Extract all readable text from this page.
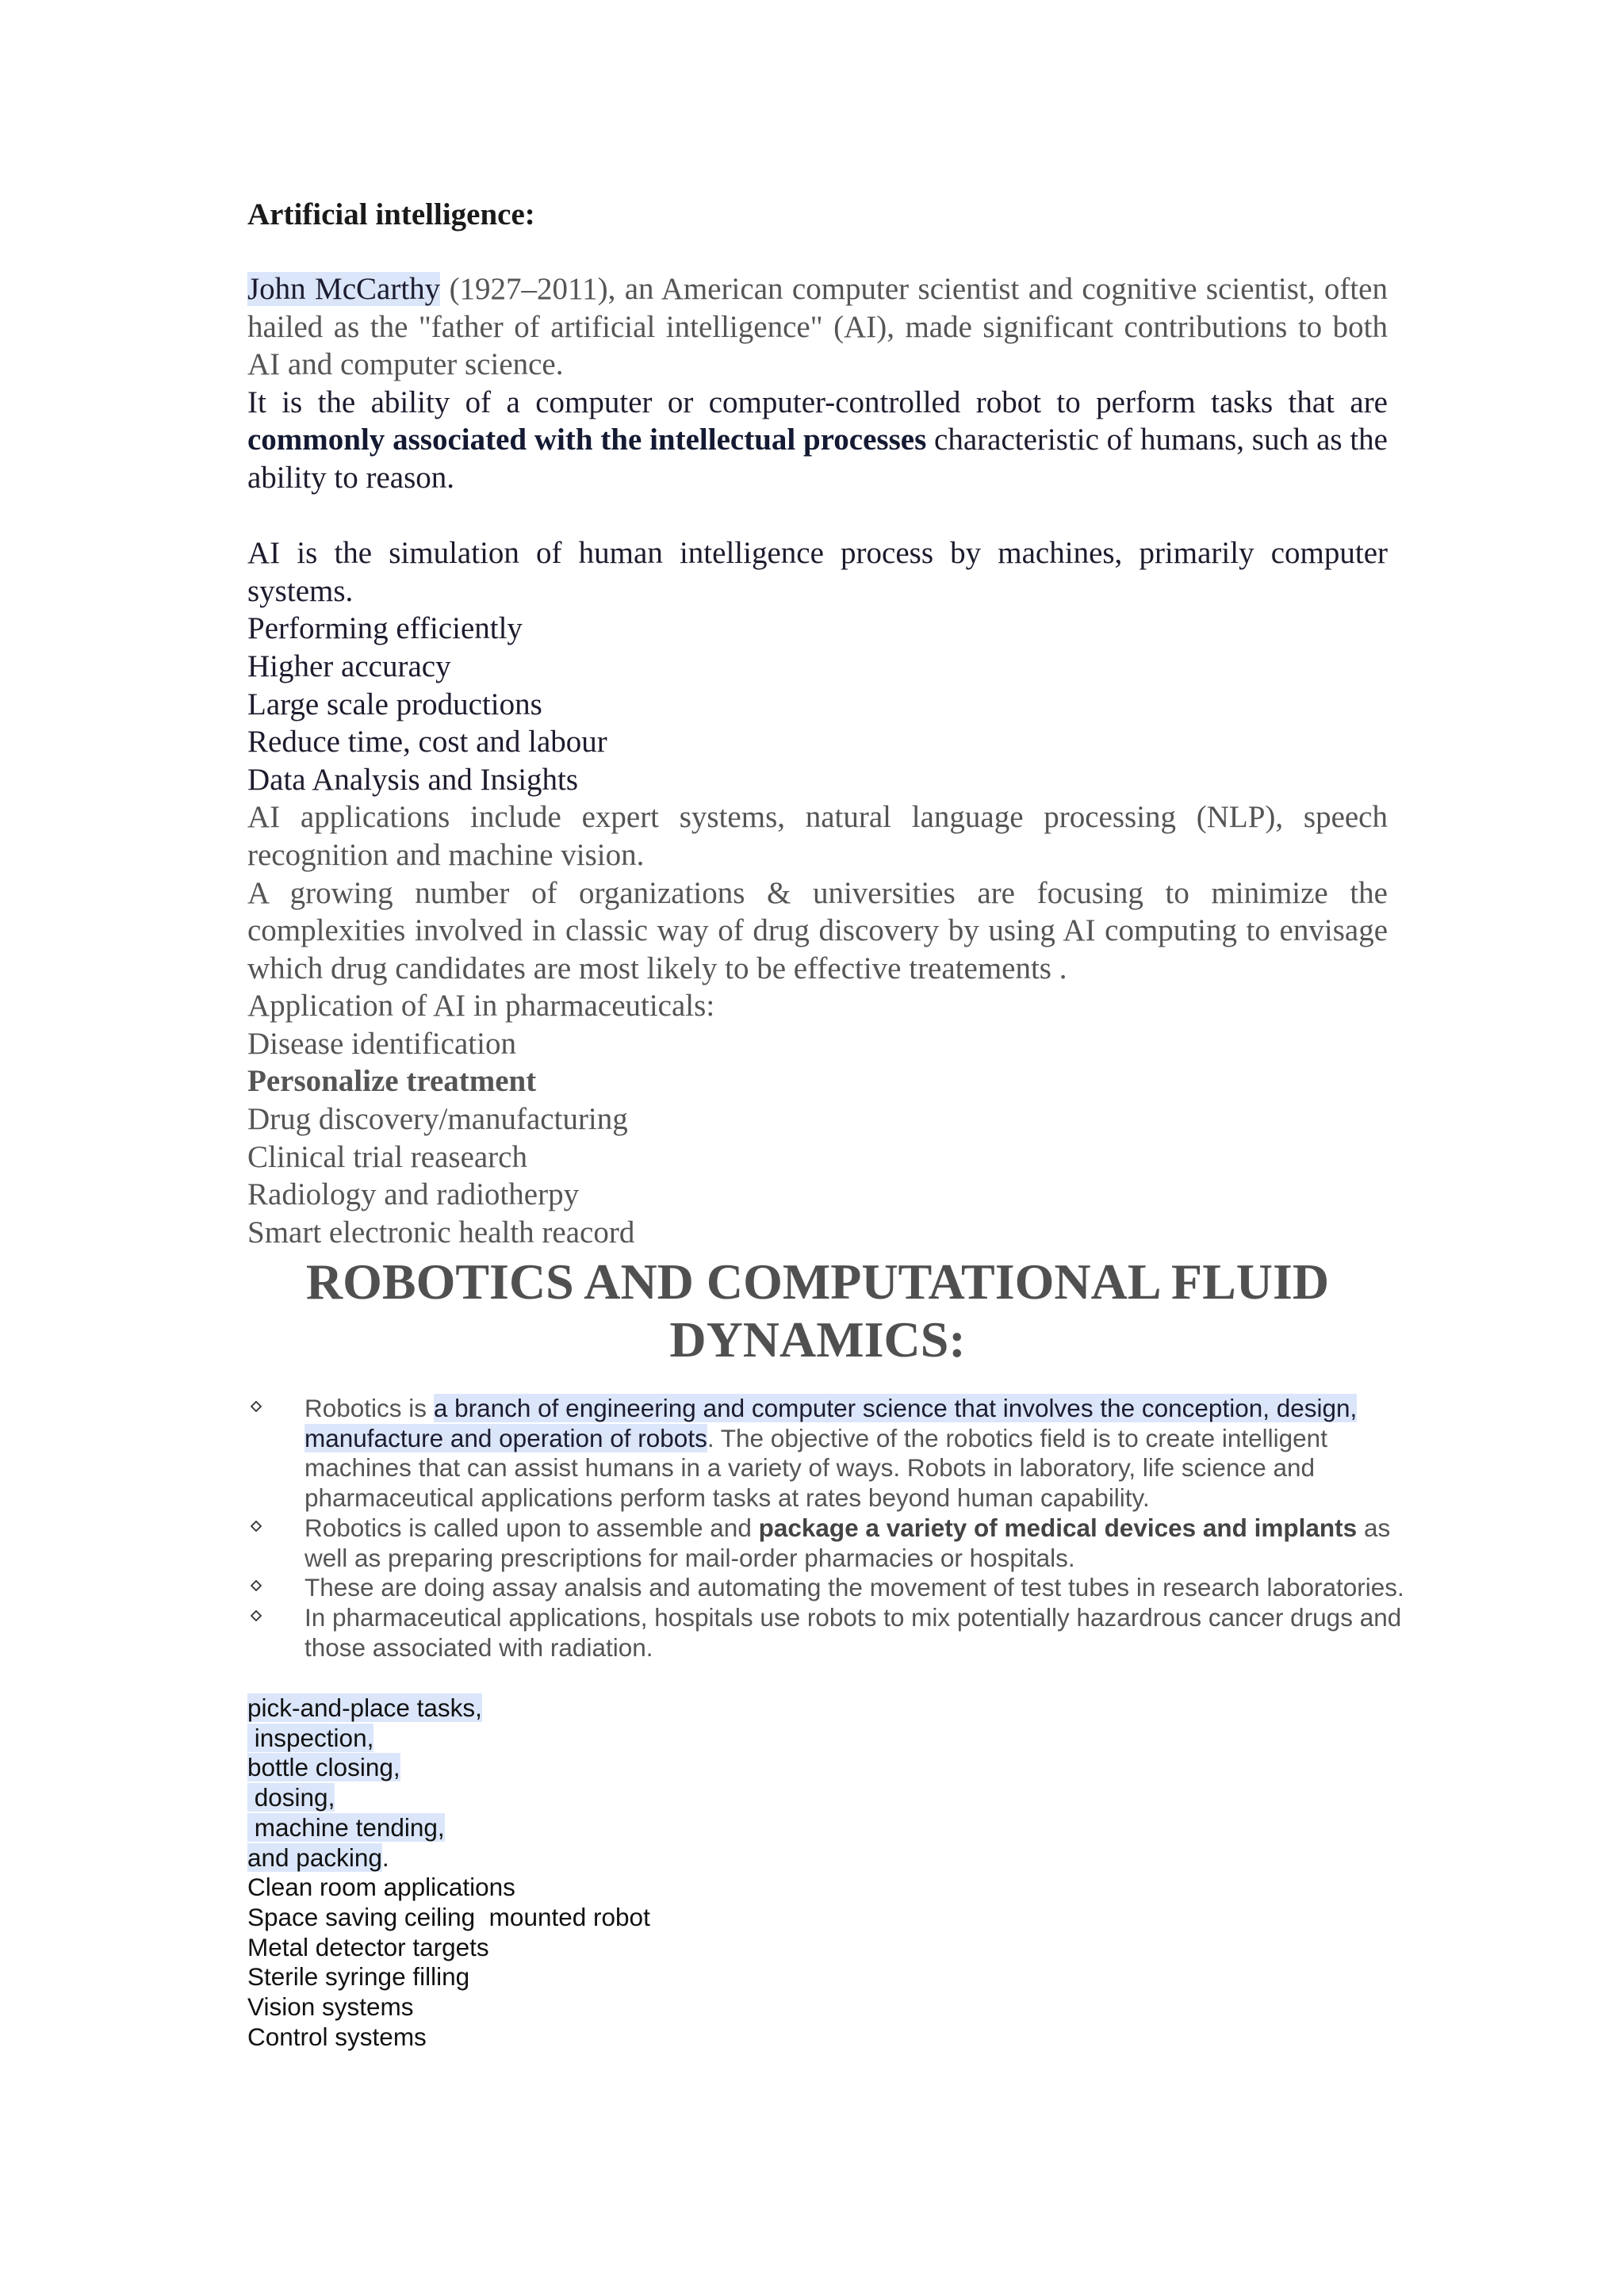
Artificial intelligence:
John McCarthy (1927–2011), an American computer scientist and cognitive scientist, often hailed as the "father of artificial intelligence" (AI), made significant contributions to both AI and computer science.
It is the ability of a computer or computer-controlled robot to perform tasks that are commonly associated with the intellectual processes characteristic of humans, such as the ability to reason.
AI is the simulation of human intelligence process by machines, primarily computer systems.
Performing efficiently
Higher accuracy
Large scale productions
Reduce time, cost and labour
Data Analysis and Insights
AI applications include expert systems, natural language processing (NLP), speech recognition and machine vision.
A growing number of organizations & universities are focusing to minimize the complexities involved in classic way of drug discovery by using AI computing to envisage which drug candidates are most likely to be effective treatements .
Application of AI in pharmaceuticals:
Disease identification
Personalize treatment
Drug discovery/manufacturing
Clinical trial reasearch
Radiology and radiotherpy
Smart electronic health reacord
ROBOTICS AND COMPUTATIONAL FLUID DYNAMICS:
Robotics is a branch of engineering and computer science that involves the conception, design, manufacture and operation of robots. The objective of the robotics field is to create intelligent machines that can assist humans in a variety of ways. Robots in laboratory, life science and pharmaceutical applications perform tasks at rates beyond human capability.
Robotics is called upon to assemble and package a variety of medical devices and implants as well as preparing prescriptions for mail-order pharmacies or hospitals.
These are doing assay analsis and automating the movement of test tubes in research laboratories.
In pharmaceutical applications, hospitals use robots to mix potentially hazardrous cancer drugs and those associated with radiation.
pick-and-place tasks,
inspection,
bottle closing,
dosing,
machine tending,
and packing.
Clean room applications
Space saving ceiling  mounted robot
Metal detector targets
Sterile syringe filling
Vision systems
Control systems
